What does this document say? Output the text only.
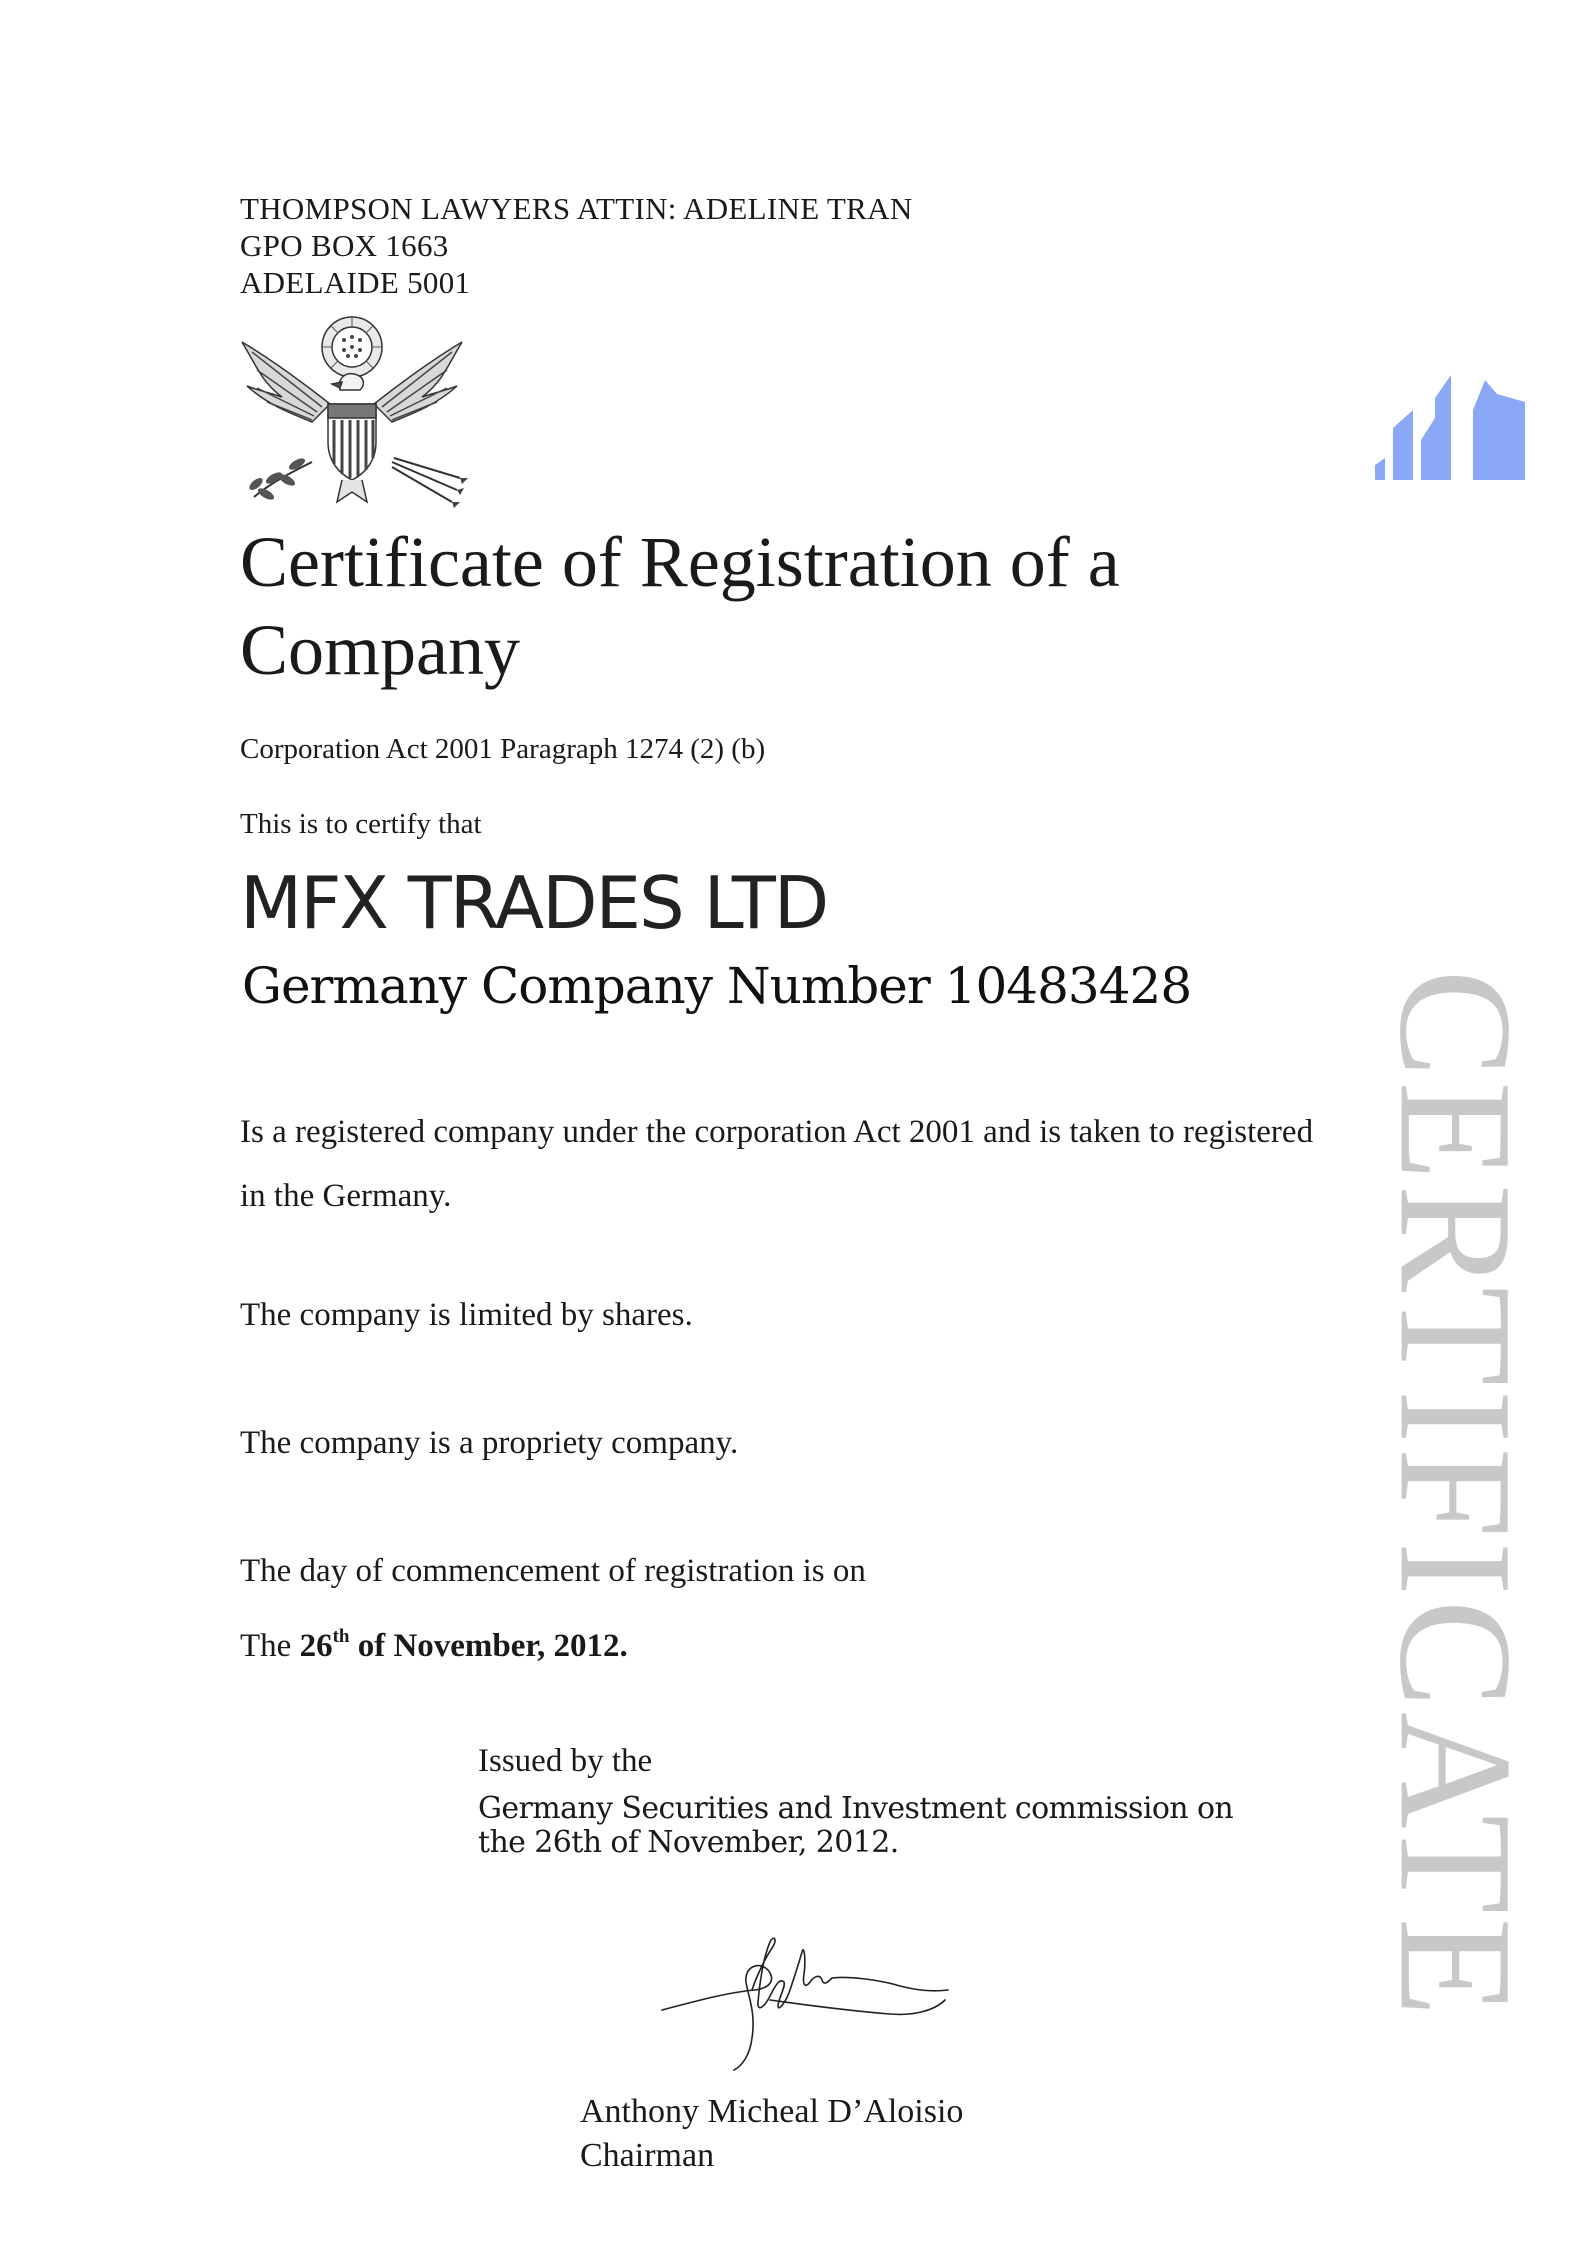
THOMPSON LAWYERS ATTIN: ADELINE TRAN
GPO BOX 1663
ADELAIDE 5001
Certificate of Registration of a Company
Corporation Act 2001 Paragraph 1274 (2) (b)
This is to certify that
MFX TRADES LTD
Germany Company Number 10483428
Is a registered company under the corporation Act 2001 and is taken to registered in the Germany.
The company is limited by shares.
The company is a propriety company.
The day of commencement of registration is on
The 26th of November, 2012.
Issued by the
Germany Securities and Investment commission on
the 26th of November, 2012.
Anthony Micheal D’Aloisio
Chairman
CERTIFICATE
